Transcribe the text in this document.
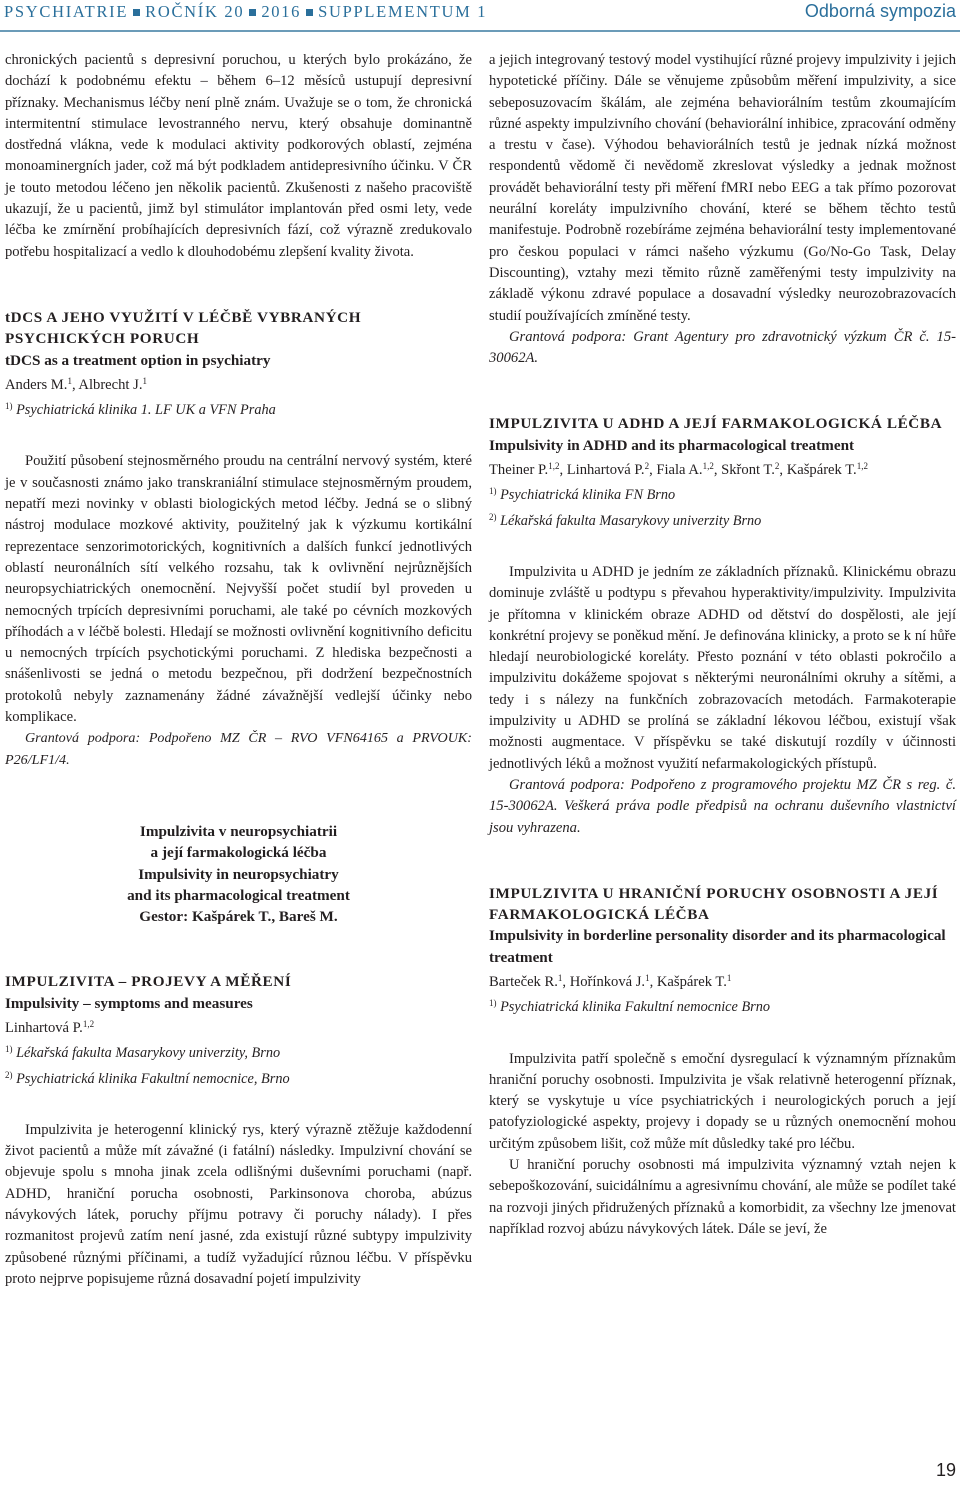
PSYCHIATRIE ROČNÍK 20 2016 SUPPLEMENTUM 1	Odborná sympozia

chronických pacientů s depresivní poruchou, u kterých bylo prokázáno, že dochází k podobnému efektu – během 6–12 měsíců ustupují depresivní příznaky. Mechanismus léčby není plně znám. Uvažuje se o tom, že chronická intermitentní stimulace levostranného nervu, který obsahuje dominantně dostředná vlákna, vede k modulaci aktivity podkorových oblastí, zejména monoaminergních jader, což má být podkladem antidepresivního účinku. V ČR je touto metodou léčeno jen několik pacientů. Zkušenosti z našeho pracoviště ukazují, že u pacientů, jimž byl stimulátor implantován před osmi lety, vede léčba ke zmírnění probíhajících depresivních fází, což výrazně zredukovalo potřebu hospitalizací a vedlo k dlouhodobému zlepšení kvality života.

tDCS A JEHO VYUŽITÍ V LÉČBĚ VYBRANÝCH PSYCHICKÝCH PORUCH
tDCS as a treatment option in psychiatry
Anders M.$^1$, Albrecht J.$^1$
$^{1)}$ Psychiatrická klinika 1. LF UK a VFN Praha

Použití působení stejnosměrného proudu na centrální nervový systém, které je v současnosti známo jako transkraniální stimulace stejnosměrným proudem, nepatří mezi novinky v oblasti biologických metod léčby. Jedná se o slibný nástroj modulace mozkové aktivity, použitelný jak k výzkumu kortikální reprezentace senzorimotorických, kognitivních a dalších funkcí jednotlivých oblastí neuronálních sítí velkého rozsahu, tak k ovlivnění nejrůznějších neuropsychiatrických onemocnění. Nejvyšší počet studií byl proveden u nemocných trpících depresivními poruchami, ale také po cévních mozkových příhodách a v léčbě bolesti. Hledají se možnosti ovlivnění kognitivního deficitu u nemocných trpících psychotickými poruchami. Z hlediska bezpečnosti a snášenlivosti se jedná o metodu bezpečnou, při dodržení bezpečnostních protokolů nebyly zaznamenány žádné závažnější vedlejší účinky nebo komplikace.

Grantová podpora: Podpořeno MZ ČR – RVO VFN64165 a PRVOUK: P26/LF1/4.

Impulzivita v neuropsychiatrii
a její farmakologická léčba
Impulsivity in neuropsychiatry
and its pharmacological treatment
Gestor: Kašpárek T., Bareš M.
IMPULZIVITA – PROJEVY A MĚŘENÍ
Impulsivity – symptoms and measures
Linhartová P.$^{1,2}$
$^{1)}$ Lékařská fakulta Masarykovy univerzity, Brno
$^{2)}$ Psychiatrická klinika Fakultní nemocnice, Brno

Impulzivita je heterogenní klinický rys, který výrazně ztěžuje každodenní život pacientů a může mít závažné (i fatální) následky. Impulzivní chování se objevuje spolu s mnoha jinak zcela odlišnými duševními poruchami (např. ADHD, hraniční porucha osobnosti, Parkinsonova choroba, abúzus návykových látek, poruchy příjmu potravy či poruchy nálady). I přes rozmanitost projevů zatím není jasné, zda existují různé subtypy impulzivity způsobené různými příčinami, a tudíž vyžadující různou léčbu. V příspěvku proto nejprve popisujeme různá dosavadní pojetí impulzivity

a jejich integrovaný testový model vystihující různé projevy impulzivity i jejich hypotetické příčiny. Dále se věnujeme způsobům měření impulzivity, a sice sebeposuzovacím škálám, ale zejména behaviorálním testům zkoumajícím různé aspekty impulzivního chování (behaviorální inhibice, zpracování odměny a trestu v čase). Výhodou behaviorálních testů je jednak nízká možnost respondentů vědomě či nevědomě zkreslovat výsledky a jednak možnost provádět behaviorální testy při měření fMRI nebo EEG a tak přímo pozorovat neurální koreláty impulzivního chování, které se během těchto testů manifestuje. Podrobně rozebíráme zejména behaviorální testy implementované pro českou populaci v rámci našeho výzkumu (Go/No-Go Task, Delay Discounting), vztahy mezi těmito různě zaměřenými testy impulzivity na základě výkonu zdravé populace a dosavadní výsledky neurozobrazovacích studií používajících zmíněné testy.

Grantová podpora: Grant Agentury pro zdravotnický výzkum ČR č. 15-30062A.

IMPULZIVITA U ADHD A JEJÍ FARMAKOLOGICKÁ LÉČBA
Impulsivity in ADHD and its pharmacological treatment
Theiner P.$^{1,2}$, Linhartová P.$^2$, Fiala A.$^{1,2}$, Skřont T.$^2$, Kašpárek T.$^{1,2}$
$^{1)}$ Psychiatrická klinika FN Brno
$^{2)}$ Lékařská fakulta Masarykovy univerzity Brno

Impulzivita u ADHD je jedním ze základních příznaků. Klinickému obrazu dominuje zvláště u podtypu s převahou hyperaktivity/impulzivity. Impulzivita je přítomna v klinickém obraze ADHD od dětství do dospělosti, ale její konkrétní projevy se poněkud mění. Je definována klinicky, a proto se k ní hůře hledají neurobiologické koreláty. Přesto poznání v této oblasti pokročilo a impulzivitu dokážeme spojovat s některými neuronálními okruhy a sítěmi, a tedy i s nálezy na funkčních zobrazovacích metodách. Farmakoterapie impulzivity u ADHD se prolíná se základní lékovou léčbou, existují však možnosti augmentace. V příspěvku se také diskutují rozdíly v účinnosti jednotlivých léků a možnost využití nefarmakologických přístupů.

Grantová podpora: Podpořeno z programového projektu MZ ČR s reg. č. 15-30062A. Veškerá práva podle předpisů na ochranu duševního vlastnictví jsou vyhrazena.

IMPULZIVITA U HRANIČNÍ PORUCHY OSOBNOSTI A JEJÍ FARMAKOLOGICKÁ LÉČBA
Impulsivity in borderline personality disorder and its pharmacological treatment
Barteček R.$^1$, Hořínková J.$^1$, Kašpárek T.$^1$
$^{1)}$ Psychiatrická klinika Fakultní nemocnice Brno

Impulzivita patří společně s emoční dysregulací k významným příznakům hraniční poruchy osobnosti. Impulzivita je však relativně heterogenní příznak, který se vyskytuje u více psychiatrických i neurologických poruch a její patofyziologické aspekty, projevy i dopady se u různých onemocnění mohou určitým způsobem lišit, což může mít důsledky také pro léčbu.

U hraniční poruchy osobnosti má impulzivita významný vztah nejen k sebepoškozování, suicidálnímu a agresivnímu chování, ale může se podílet také na rozvoji jiných přidružených příznaků a komorbidit, za všechny lze jmenovat například rozvoj abúzu návykových látek. Dále se jeví, že

19
